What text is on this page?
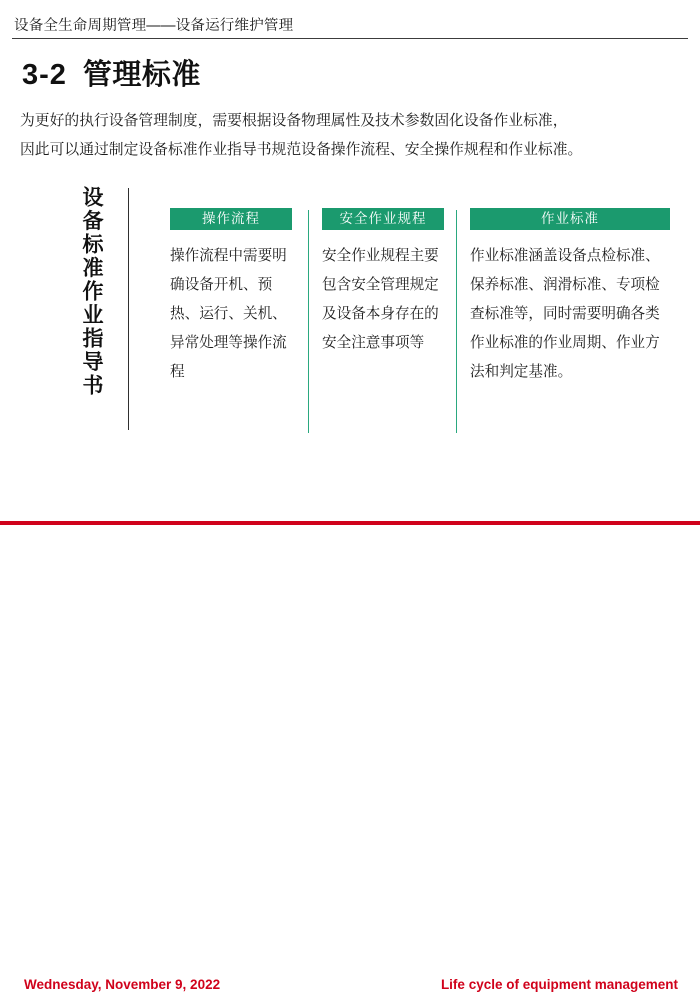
设备全生命周期管理——设备运行维护管理
3-2 管理标准
为更好的执行设备管理制度，需要根据设备物理属性及技术参数固化设备作业标准，
因此可以通过制定设备标准作业指导书规范设备操作流程、安全操作规程和作业标准。
设备标准作业指导书	操作流程
操作流程中需要明确设备开机、预热、运行、关机、异常处理等操作流程
安全作业规程
安全作业规程主要包含安全管理规定及设备本身存在的安全注意事项等
作业标准
作业标准涵盖设备点检标准、保养标准、润滑标准、专项检查标准等，同时需要明确各类作业标准的作业周期、作业方法和判定基准。
Wednesday, November 9, 2022	Life cycle of equipment management
